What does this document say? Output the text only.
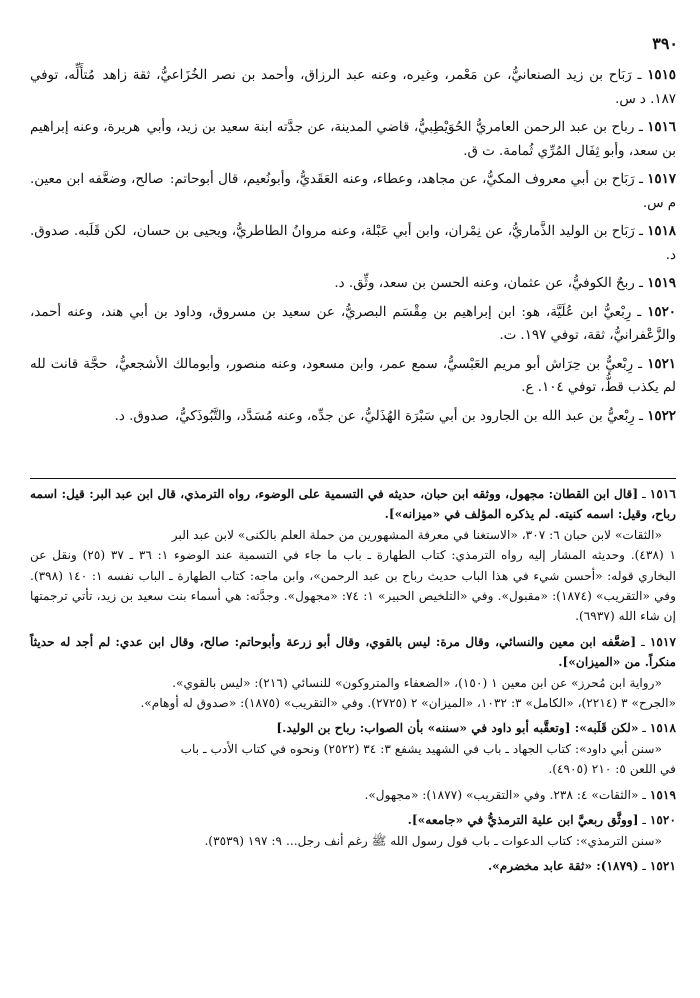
٣٩٠
١٥١٥ ـ رَبَاح بن زيد الصنعانيُّ، عن مَعْمر، وغيره، وعنه عبد الرزاق، وأحمد بن نصر الخُزَاعيُّ، ثقة زاهد مُتأَلِّه، توفي ١٨٧. د س.
١٥١٦ ـ رباح بن عبد الرحمن العامريُّ الحُوَيْطِبيُّ، قاضي المدينة، عن جدَّته ابنة سعيد بن زيد، وأبي هريرة، وعنه إبراهيم بن سعد، وأبو ثِفَال المُرِّي ثُمامة. ت ق.
١٥١٧ ـ رَبَاح بن أبي معروف المكيُّ، عن مجاهد، وعطاء، وعنه العَقَديُّ، وأبونُعيم، قال أبوحاتم: صالح، وضعَّفه ابن معين. م س.
١٥١٨ ـ رَبَاح بن الوليد الذَّماريُّ، عن نِمْران، وابن أبي عَبْلة، وعنه مروانُ الطاطريُّ، ويحيى بن حسان، لكن قَلَبه. صدوق. د.
١٥١٩ ـ ربحٌ الكوفيُّ، عن عثمان، وعنه الحسن بن سعد، وثِّق. د.
١٥٢٠ ـ رِبْعيُّ ابن عُلَيَّة، هو: ابن إبراهيم بن مِقْسَم البصريُّ، عن سعيد بن مسروق، وداود بن أبي هند، وعنه أحمد، والزَّعْفرانيُّ، ثقة، توفي ١٩٧. ت.
١٥٢١ ـ رِبْعيُّ بن حِرَاش أبو مريم العَبْسيُّ، سمع عمر، وابن مسعود، وعنه منصور، وأبومالك الأشجعيُّ، حجَّة قانت لله لم يكذب قطُّ، توفي ١٠٤. ع.
١٥٢٢ ـ رِبْعيُّ بن عبد الله بن الجارود بن أبي سَبْرَة الهُذَليُّ، عن جدِّه، وعنه مُسَدَّد، والتَّبُوذَكيُّ، صدوق. د.
١٥١٦ ـ [قال ابن القطان: مجهول، ووثقه ابن حبان، حديثه في التسمية على الوضوء، رواه الترمذي، قال ابن عبد البر: قيل: اسمه رباح، وقيل: اسمه كنيته. لم يذكره المؤلف في «ميزانه»].
«الثقات» لابن حبان ٦: ٣٠٧، «الاستغنا في معرفة المشهورين من حملة العلم بالكنى» لابن عبد البر
١ (٤٣٨). وحديثه المشار إليه رواه الترمذي: كتاب الطهارة ـ باب ما جاء في التسمية عند الوضوء ١: ٣٦ ـ ٣٧ (٢٥) ونقل عن البخاري قوله: «أحسن شيء في هذا الباب حديث رباح بن عبد الرحمن»، وابن ماجه: كتاب الطهارة ـ الباب نفسه ١: ١٤٠ (٣٩٨). وفي «التقريب» (١٨٧٤): «مقبول». وفي «التلخيص الحبير» ١: ٧٤: «مجهول». وجدَّته: هي أسماء بنت سعيد بن زيد، تأتي ترجمتها إن شاء الله (٦٩٣٧).
١٥١٧ ـ [ضعَّفه ابن معين والنسائي، وقال مرة: ليس بالقوي، وقال أبو زرعة وأبوحاتم: صالح، وقال ابن عدي: لم أجد له حديثاً منكراً. من «الميزان»].
«رواية ابن مُحرز» عن ابن معين ١ (١٥٠)، «الضعفاء والمتروكون» للنسائي (٢١٦): «ليس بالقوي».
«الجرح» ٣ (٢٢١٤)، «الكامل» ٣: ١٠٣٢، «الميزان» ٢ (٢٧٢٥). وفي «التقريب» (١٨٧٥): «صدوق له أوهام».
١٥١٨ ـ «لكن قَلَبه»: [وتعقَّبه أبو داود في «سننه» بأن الصواب: رباح بن الوليد.]
«سنن أبي داود»: كتاب الجهاد ـ باب في الشهيد يشفع ٣: ٣٤ (٢٥٢٢) ونحوه في كتاب الأدب ـ باب
في اللعن ٥: ٢١٠ (٤٩٠٥).
١٥١٩ ـ «الثقات» ٤: ٢٣٨. وفي «التقريب» (١٨٧٧): «مجهول».
١٥٢٠ ـ [ووثَّق ربعيَّ ابن علية الترمذيُّ في «جامعه»].
«سنن الترمذي»: كتاب الدعوات ـ باب قول رسول الله ﷺ رغم أنف رجل... ٩: ١٩٧ (٣٥٣٩).
١٥٢١ ـ (١٨٧٩): «ثقة عابد مخضرم».
